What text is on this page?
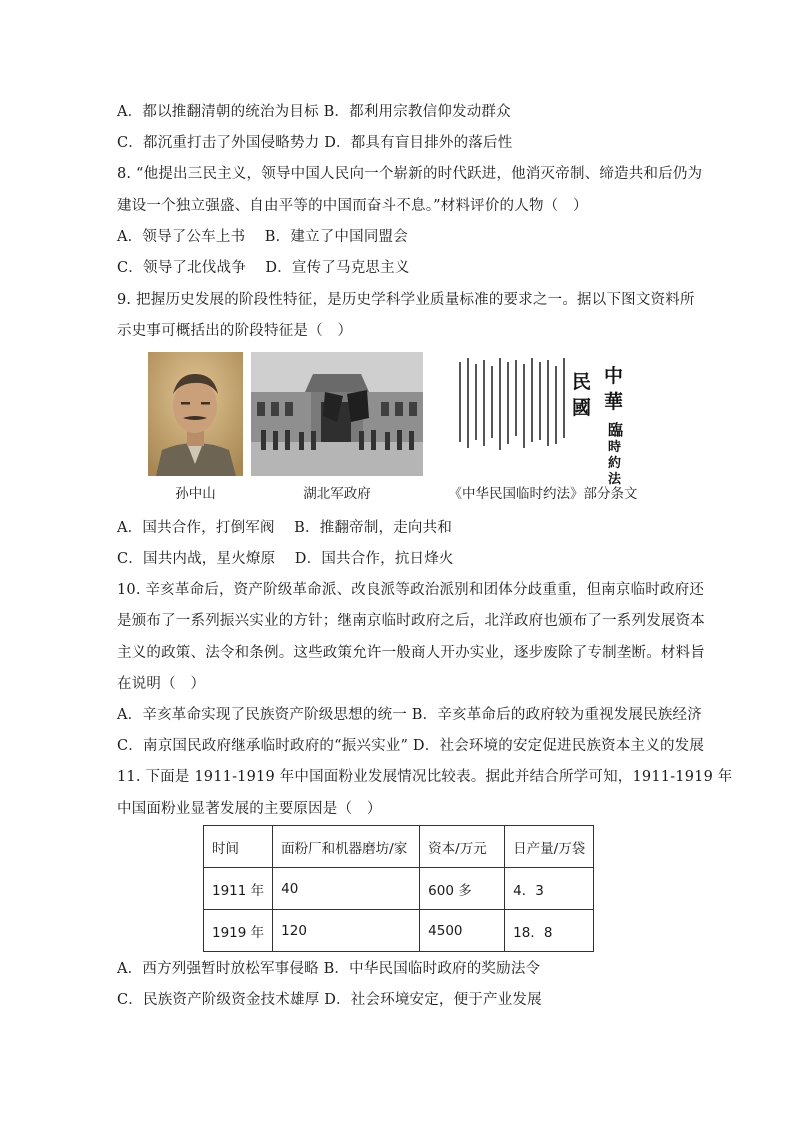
A．都以推翻清朝的统治为目标 B．都利用宗教信仰发动群众
C．都沉重打击了外国侵略势力 D．都具有盲目排外的落后性
8. “他提出三民主义，领导中国人民向一个崭新的时代跃进，他消灭帝制、缔造共和后仍为
建设一个独立强盛、自由平等的中国而奋斗不息。”材料评价的人物（　）
A．领导了公车上书　 B．建立了中国同盟会
C．领导了北伐战争　 D．宣传了马克思主义
9. 把握历史发展的阶段性特征，是历史学科学业质量标准的要求之一。据以下图文资料所
示史事可概括出的阶段特征是（　）
孙中山	湖北军政府
中
華
民
國
臨
時
約
法
《中华民国临时约法》部分条文
A．国共合作，打倒军阀　 B．推翻帝制，走向共和
C．国共内战，星火燎原　 D．国共合作，抗日烽火
10. 辛亥革命后，资产阶级革命派、改良派等政治派别和团体分歧重重，但南京临时政府还
是颁布了一系列振兴实业的方针；继南京临时政府之后，北洋政府也颁布了一系列发展资本
主义的政策、法令和条例。这些政策允许一般商人开办实业，逐步废除了专制垄断。材料旨
在说明（　）
A．辛亥革命实现了民族资产阶级思想的统一 B．辛亥革命后的政府较为重视发展民族经济
C．南京国民政府继承临时政府的“振兴实业” D．社会环境的安定促进民族资本主义的发展
11. 下面是 1911-1919 年中国面粉业发展情况比较表。据此并结合所学可知，1911-1919 年
中国面粉业显著发展的主要原因是（　）
时间	面粉厂和机器磨坊/家	资本/万元	日产量/万袋
1911 年	40	600 多	4．3
1919 年	120	4500	18．8
A．西方列强暂时放松军事侵略 B．中华民国临时政府的奖励法令
C．民族资产阶级资金技术雄厚 D．社会环境安定，便于产业发展
